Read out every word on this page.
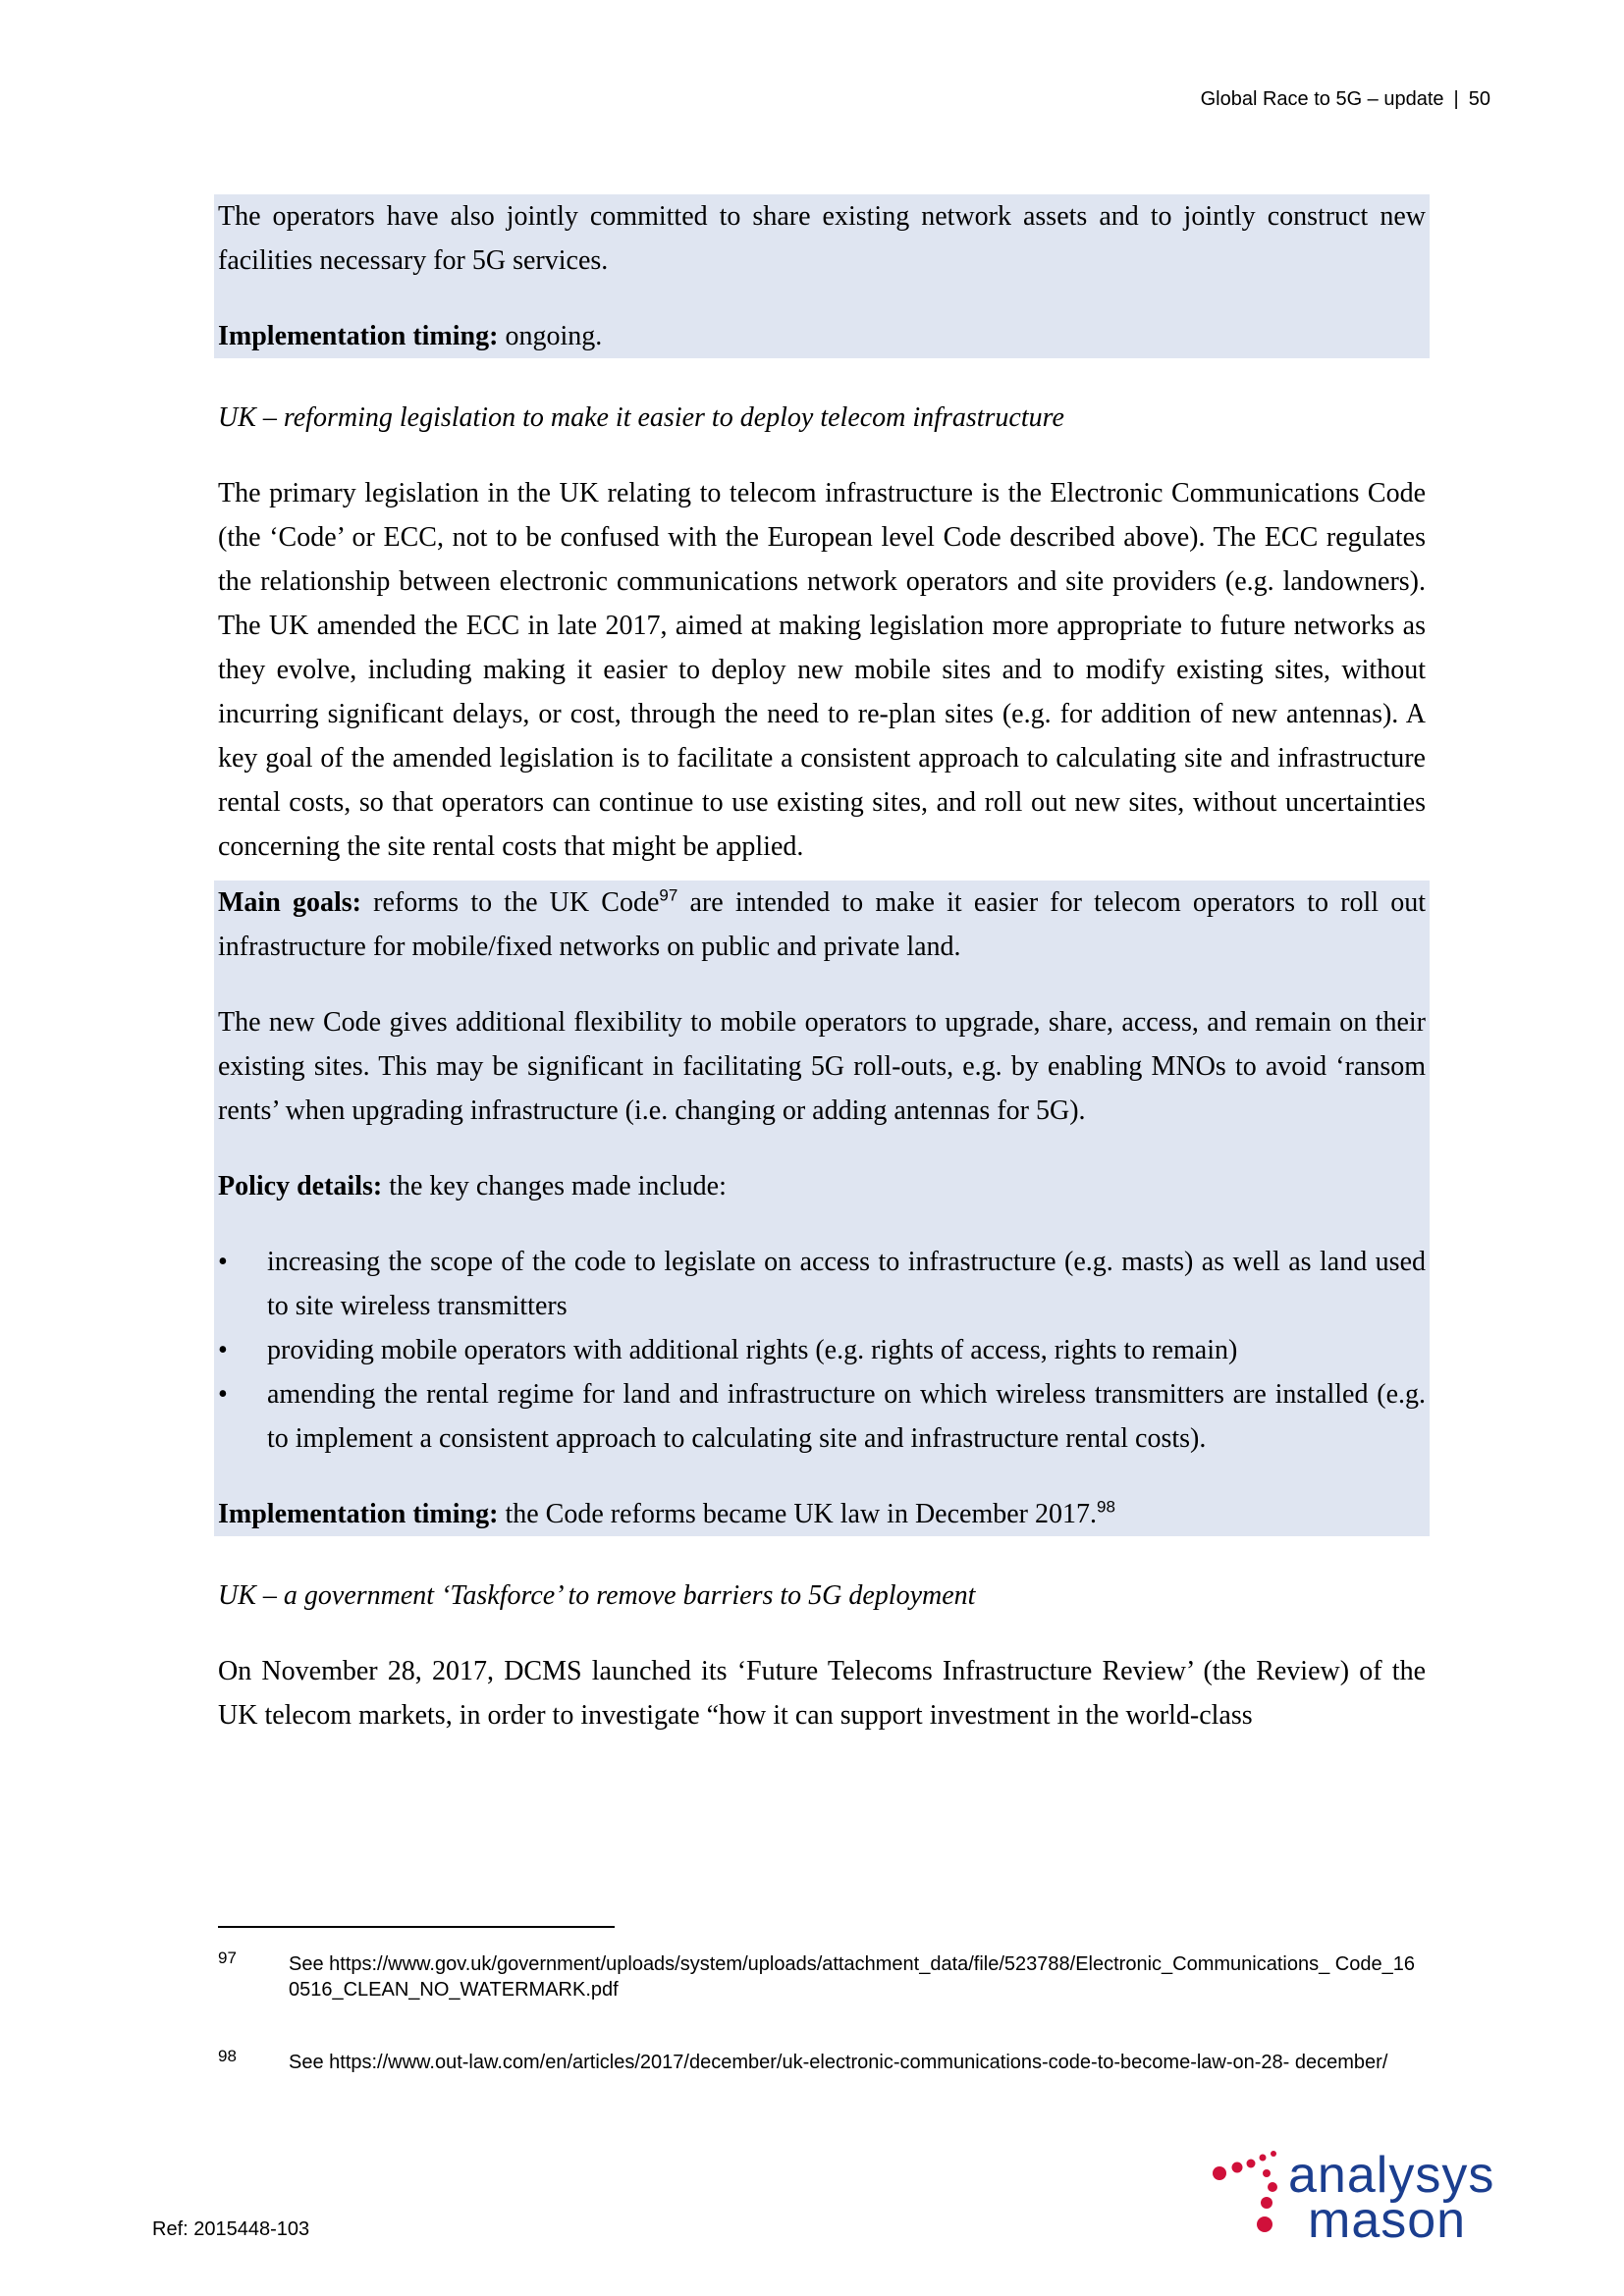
Global Race to 5G – update | 50

The operators have also jointly committed to share existing network assets and to jointly construct new facilities necessary for 5G services.

Implementation timing: ongoing.

UK – reforming legislation to make it easier to deploy telecom infrastructure

The primary legislation in the UK relating to telecom infrastructure is the Electronic Communications Code (the ‘Code’ or ECC, not to be confused with the European level Code described above). The ECC regulates the relationship between electronic communications network operators and site providers (e.g. landowners). The UK amended the ECC in late 2017, aimed at making legislation more appropriate to future networks as they evolve, including making it easier to deploy new mobile sites and to modify existing sites, without incurring significant delays, or cost, through the need to re-plan sites (e.g. for addition of new antennas). A key goal of the amended legislation is to facilitate a consistent approach to calculating site and infrastructure rental costs, so that operators can continue to use existing sites, and roll out new sites, without uncertainties concerning the site rental costs that might be applied.

Main goals: reforms to the UK Code$^{97}$ are intended to make it easier for telecom operators to roll out infrastructure for mobile/fixed networks on public and private land.

The new Code gives additional flexibility to mobile operators to upgrade, share, access, and remain on their existing sites. This may be significant in facilitating 5G roll-outs, e.g. by enabling MNOs to avoid ‘ransom rents’ when upgrading infrastructure (i.e. changing or adding antennas for 5G).

Policy details: the key changes made include:

• increasing the scope of the code to legislate on access to infrastructure (e.g. masts) as well as land used to site wireless transmitters
• providing mobile operators with additional rights (e.g. rights of access, rights to remain)
• amending the rental regime for land and infrastructure on which wireless transmitters are installed (e.g. to implement a consistent approach to calculating site and infrastructure rental costs).

Implementation timing: the Code reforms became UK law in December 2017.98

UK – a government ‘Taskforce’ to remove barriers to 5G deployment

On November 28, 2017, DCMS launched its ‘Future Telecoms Infrastructure Review’ (the Review) of the UK telecom markets, in order to investigate “how it can support investment in the world-class

97	See https://www.gov.uk/government/uploads/system/uploads/attachment_data/file/523788/Electronic_Communications_ Code_160516_CLEAN_NO_WATERMARK.pdf
98	See https://www.out-law.com/en/articles/2017/december/uk-electronic-communications-code-to-become-law-on-28- december/
Ref: 2015448-103
analysys
mason
